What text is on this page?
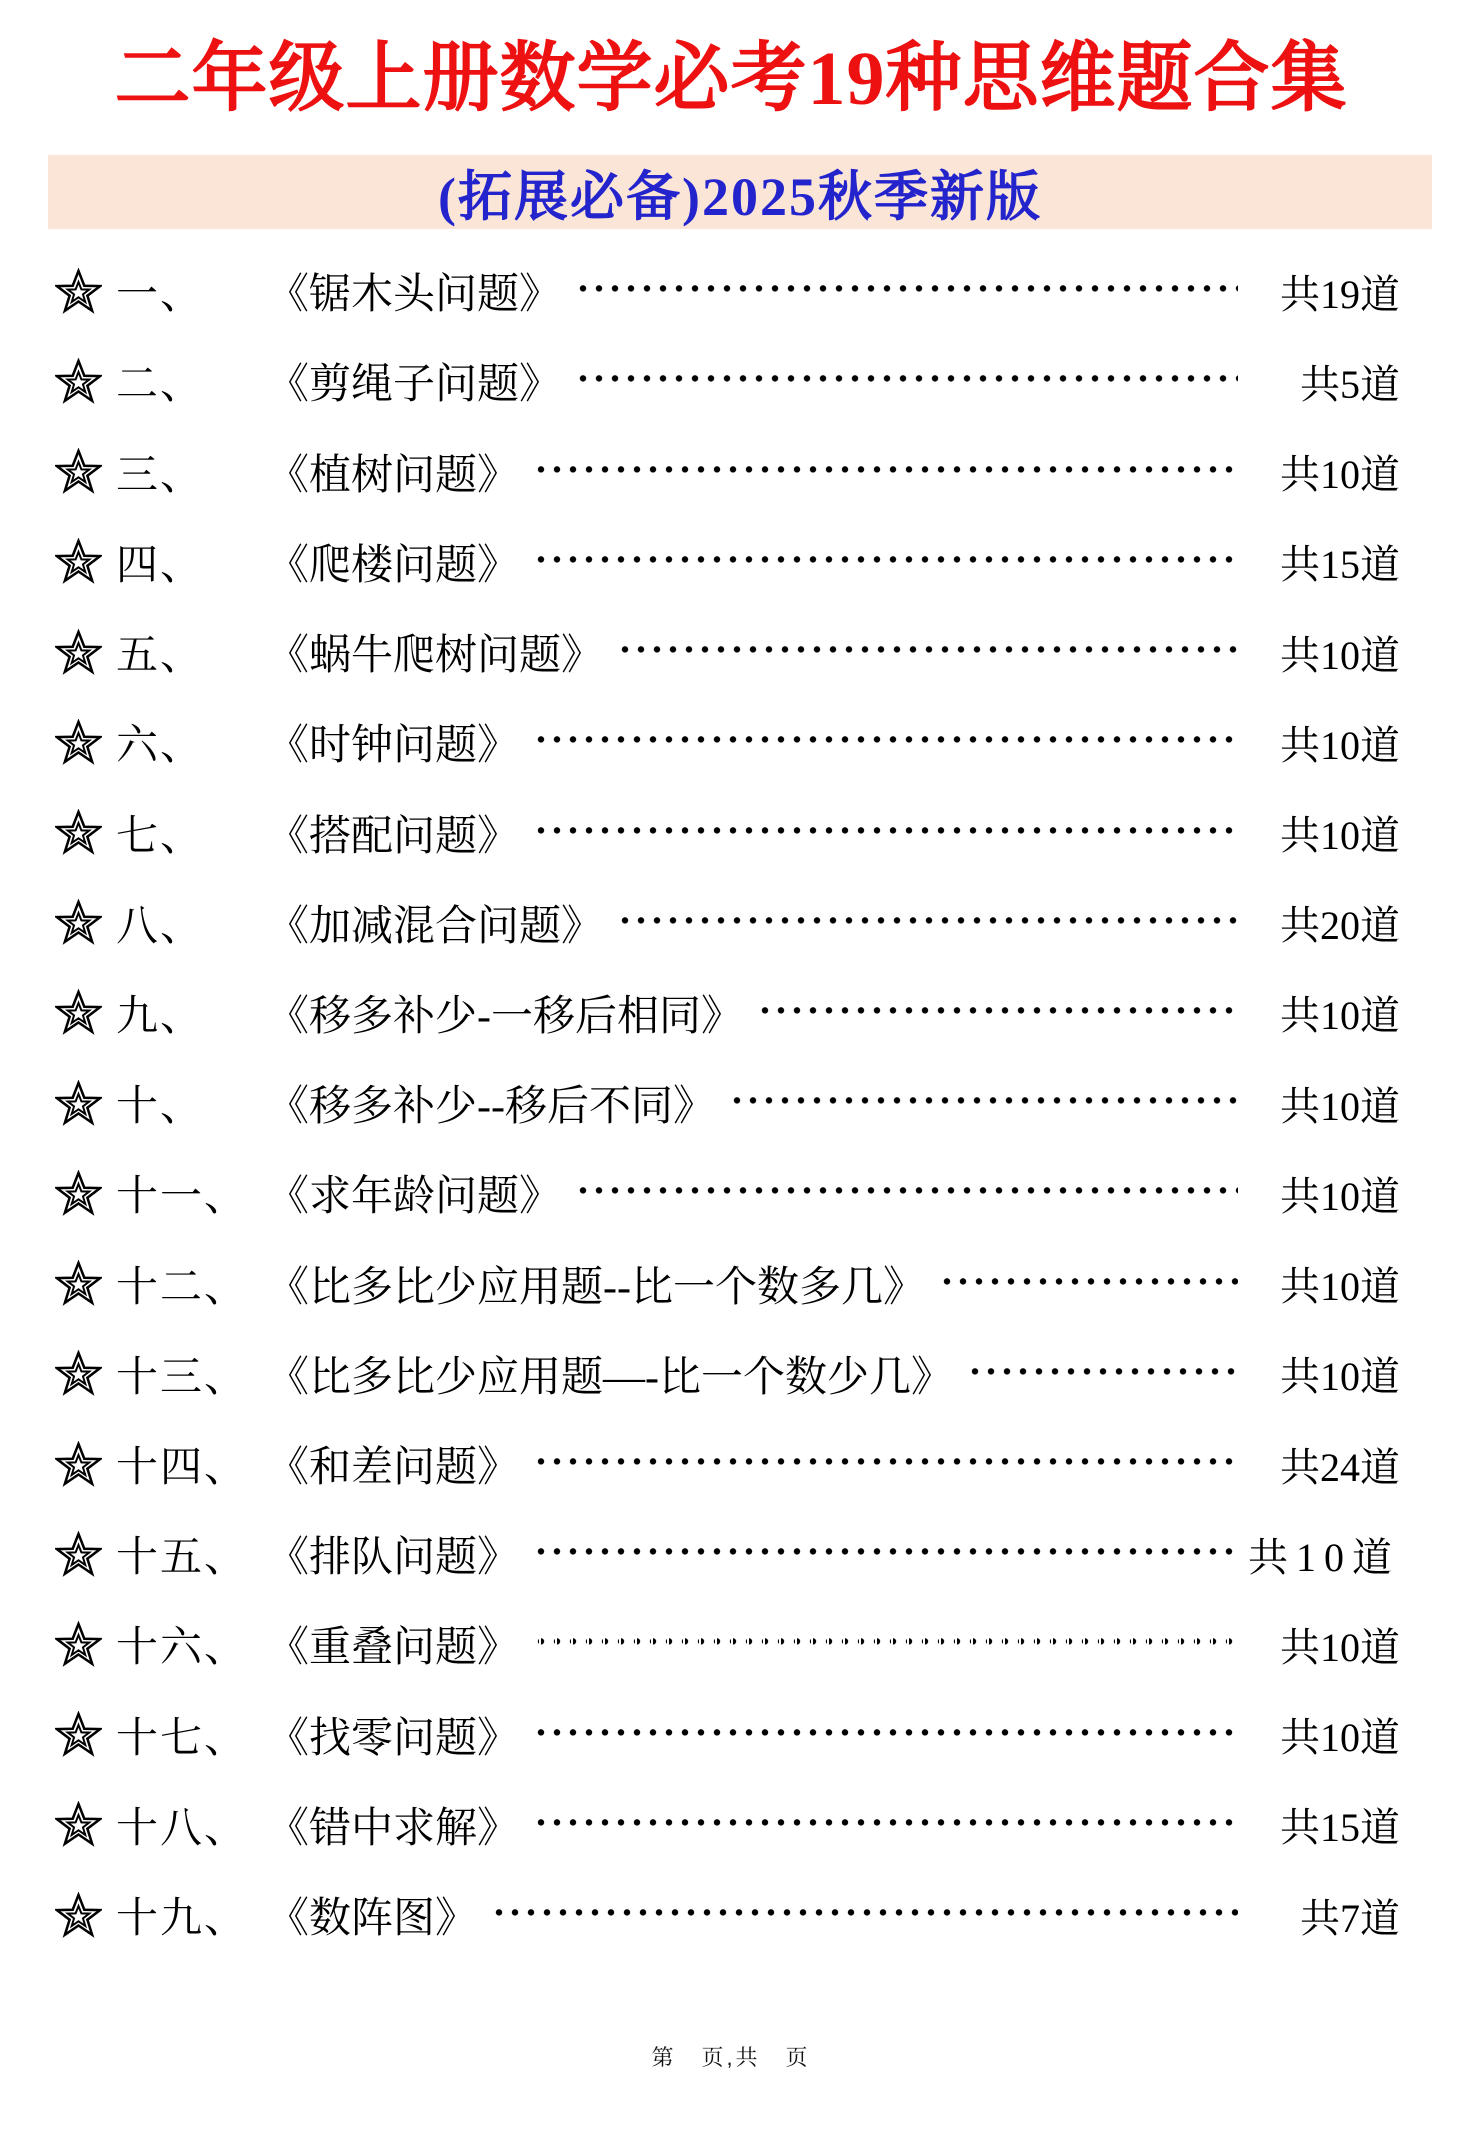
二年级上册数学必考19种思维题合集
(拓展必备)2025秋季新版
一、 《锯木头问题》	共19道
二、 《剪绳子问题》	共5道
三、 《植树问题》	共10道
四、 《爬楼问题》	共15道
五、 《蜗牛爬树问题》	共10道
六、 《时钟问题》	共10道
七、 《搭配问题》	共10道
八、 《加减混合问题》	共20道
九、 《移多补少-一移后相同》	共10道
十、 《移多补少--移后不同》	共10道
十一、 《求年龄问题》	共10道
十二、 《比多比少应用题--比一个数多几》	共10道
十三、 《比多比少应用题—-比一个数少几》	共10道
十四、 《和差问题》	共24道
十五、 《排队问题》	共10道
十六、 《重叠问题》	共10道
十七、 《找零问题》	共10道
十八、 《错中求解》	共15道
十九、 《数阵图》	共7道
第　页,共　页
